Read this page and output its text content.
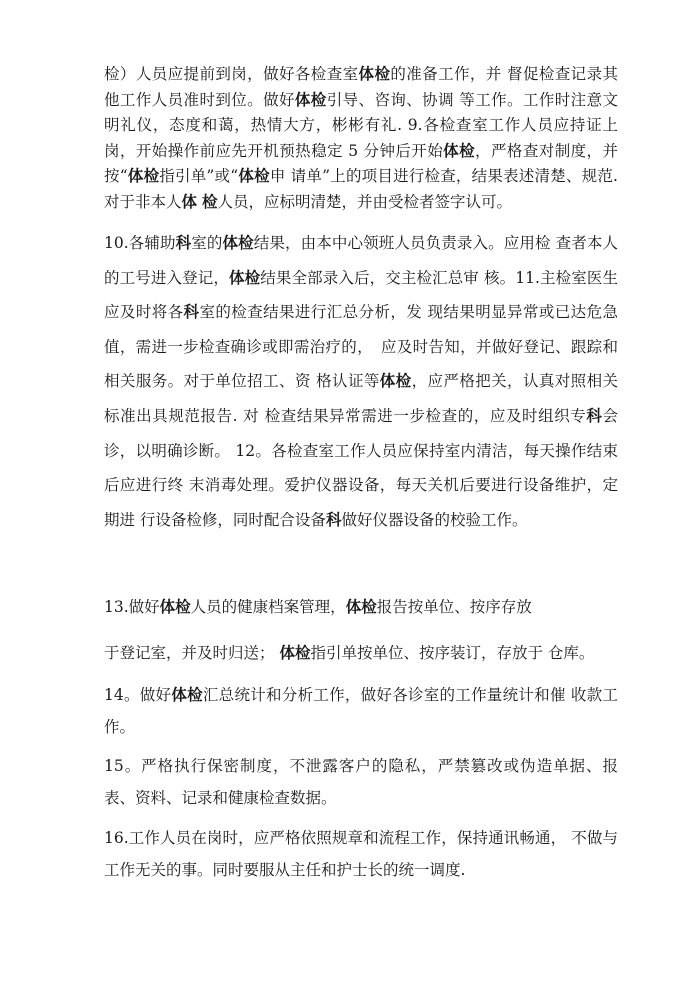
检）人员应提前到岗，做好各检查室体检的准备工作，并 督促检查记录其他工作人员准时到位。做好体检引导、咨询、协调 等工作。工作时注意文明礼仪，态度和蔼，热情大方，彬彬有礼. 9.各检查室工作人员应持证上岗，开始操作前应先开机预热稳定 5 分钟后开始体检，严格查对制度，并按“体检指引单”或“体检申 请单”上的项目进行检查，结果表述清楚、规范. 对于非本人体 检人员，应标明清楚，并由受检者签字认可。

10.各辅助科室的体检结果，由本中心领班人员负责录入。应用检 查者本人的工号进入登记，体检结果全部录入后，交主检汇总审 核。11.主检室医生应及时将各科室的检查结果进行汇总分析，发 现结果明显异常或已达危急值，需进一步检查确诊或即需治疗的，　应及时告知，并做好登记、跟踪和相关服务。对于单位招工、资 格认证等体检，应严格把关，认真对照相关标准出具规范报告. 对 检查结果异常需进一步检查的，应及时组织专科会诊，以明确诊断。 12。各检查室工作人员应保持室内清洁，每天操作结束后应进行终 末消毒处理。爱护仪器设备，每天关机后要进行设备维护，定期进 行设备检修，同时配合设备科做好仪器设备的校验工作。

13.做好体检人员的健康档案管理，体检报告按单位、按序存放

于登记室，并及时归送； 体检指引单按单位、按序装订，存放于 仓库。

14。做好体检汇总统计和分析工作，做好各诊室的工作量统计和催 收款工作。

15。严格执行保密制度，不泄露客户的隐私，严禁篡改或伪造单据、报表、资料、记录和健康检查数据。

16.工作人员在岗时，应严格依照规章和流程工作，保持通讯畅通， 不做与工作无关的事。同时要服从主任和护士长的统一调度.
